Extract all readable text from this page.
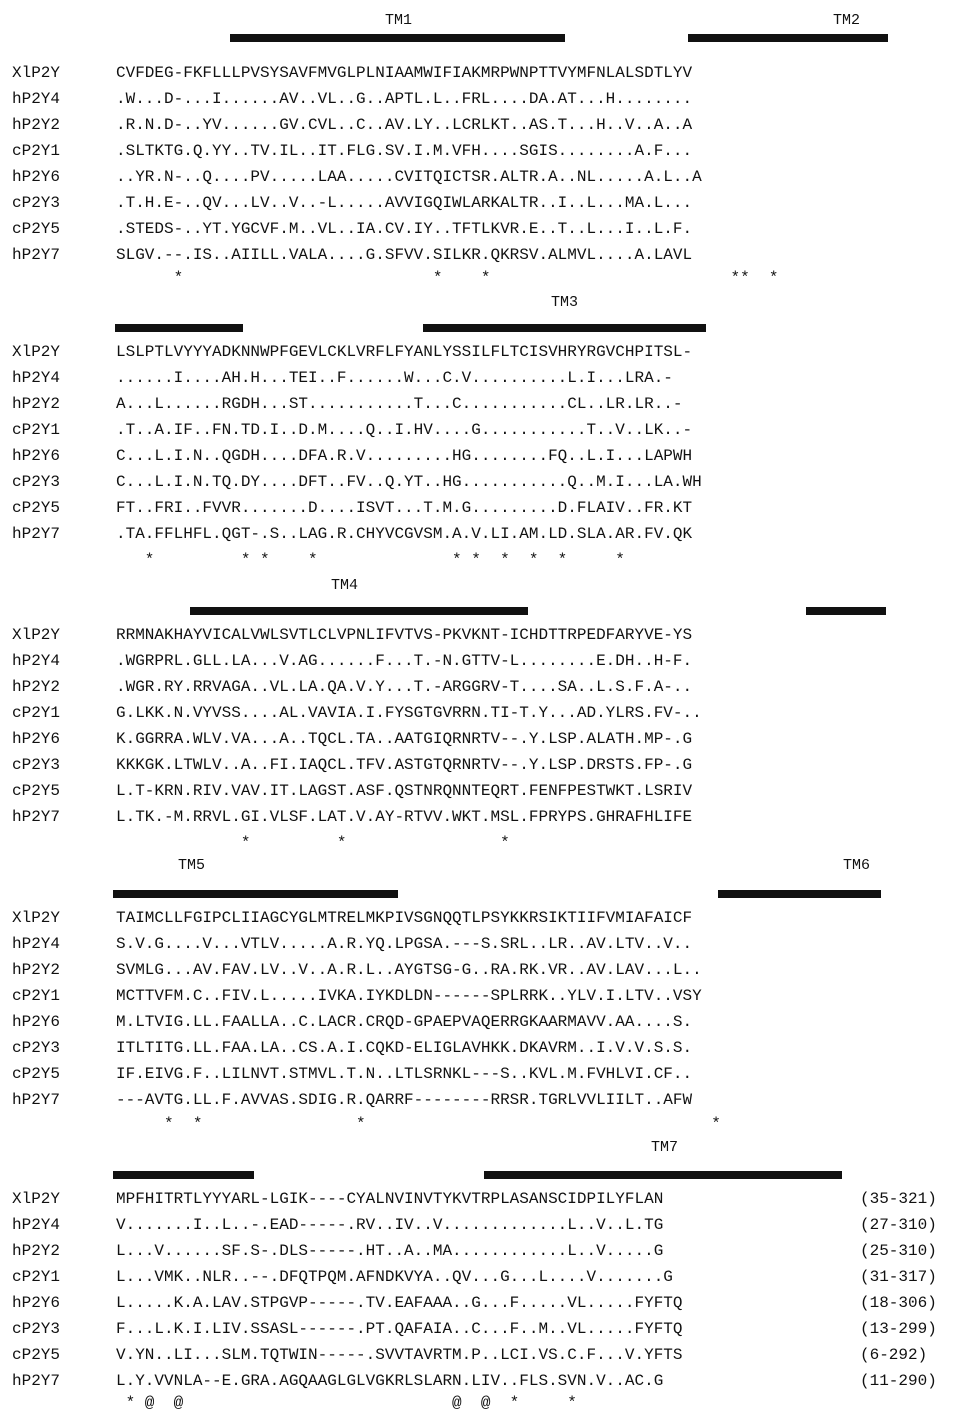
TM1	TM2
XlP2Y	CVFDEG-FKFLLLPVSYSAVFMVGLPLNIAAMWIFIAKMRPWNPTTVYMFNLALSDTLYV
hP2Y4	.W...D-...I......AV..VL..G..APTL.L..FRL....DA.AT...H........
hP2Y2	.R.N.D-..YV......GV.CVL..C..AV.LY..LCRLKT..AS.T...H..V..A..A
cP2Y1	.SLTKTG.Q.YY..TV.IL..IT.FLG.SV.I.M.VFH....SGIS........A.F...
hP2Y6	..YR.N-..Q....PV.....LAA.....CVITQICTSR.ALTR.A..NL.....A.L..A
cP2Y3	.T.H.E-..QV...LV..V..-L.....AVVIGQIWLARKALTR..I..L...MA.L...
cP2Y5	.STEDS-..YT.YGCVF.M..VL..IA.CV.IY..TFTLKVR.E..T..L...I..L.F.
hP2Y7	SLGV.--.IS..AIILL.VALA....G.SFVV.SILKR.QKRSV.ALMVL....A.LAVL
*                          *    *                         **  *
TM3
XlP2Y	LSLPTLVYYYADKNNWPFGEVLCKLVRFLFYANLYSSILFLTCISVHRYRGVCHPITSL-
hP2Y4	......I....AH.H...TEI..F......W...C.V..........L.I...LRA.-
hP2Y2	A...L......RGDH...ST...........T...C...........CL..LR.LR..-
cP2Y1	.T..A.IF..FN.TD.I..D.M....Q..I.HV....G...........T..V..LK..-
hP2Y6	C...L.I.N..QGDH....DFA.R.V.........HG........FQ..L.I...LAPWH
cP2Y3	C...L.I.N.TQ.DY....DFT..FV..Q.YT..HG...........Q..M.I...LA.WH
cP2Y5	FT..FRI..FVVR.......D....ISVT...T.M.G.........D.FLAIV..FR.KT
hP2Y7	.TA.FFLHFL.QGT-.S..LAG.R.CHYVCGVSM.A.V.LI.AM.LD.SLA.AR.FV.QK
*         * *    *              * *  *  *  *     *
TM4
XlP2Y	RRMNAKHAYVICALVWLSVTLCLVPNLIFVTVS-PKVKNT-ICHDTTRPEDFARYVE-YS
hP2Y4	.WGRPRL.GLL.LA...V.AG......F...T.-N.GTTV-L........E.DH..H-F.
hP2Y2	.WGR.RY.RRVAGA..VL.LA.QA.V.Y...T.-ARGGRV-T....SA..L.S.F.A-..
cP2Y1	G.LKK.N.VYVSS....AL.VAVIA.I.FYSGTGVRRN.TI-T.Y...AD.YLRS.FV-..
hP2Y6	K.GGRRA.WLV.VA...A..TQCL.TA..AATGIQRNRTV--.Y.LSP.ALATH.MP-.G
cP2Y3	KKKGK.LTWLV..A..FI.IAQCL.TFV.ASTGTQRNRTV--.Y.LSP.DRSTS.FP-.G
cP2Y5	L.T-KRN.RIV.VAV.IT.LAGST.ASF.QSTNRQNNTEQRT.FENFPESTWKT.LSRIV
hP2Y7	L.TK.-M.RRVL.GI.VLSF.LAT.V.AY-RTVV.WKT.MSL.FPRYPS.GHRAFHLIFE
*         *                *
TM5	TM6
XlP2Y	TAIMCLLFGIPCLIIAGCYGLMTRELMKPIVSGNQQTLPSYKKRSIKTIIFVMIAFAICF
hP2Y4	S.V.G....V...VTLV.....A.R.YQ.LPGSA.---S.SRL..LR..AV.LTV..V..
hP2Y2	SVMLG...AV.FAV.LV..V..A.R.L..AYGTSG-G..RA.RK.VR..AV.LAV...L..
cP2Y1	MCTTVFM.C..FIV.L.....IVKA.IYKDLDN------SPLRRK..YLV.I.LTV..VSY
hP2Y6	M.LTVIG.LL.FAALLA..C.LACR.CRQD-GPAEPVAQERRGKAARMAVV.AA....S.
cP2Y3	ITLTITG.LL.FAA.LA..CS.A.I.CQKD-ELIGLAVHKK.DKAVRM..I.V.V.S.S.
cP2Y5	IF.EIVG.F..LILNVT.STMVL.T.N..LTLSRNKL---S..KVL.M.FVHLVI.CF..
hP2Y7	---AVTG.LL.F.AVVAS.SDIG.R.QARRF--------RRSR.TGRLVVLIILT..AFW
*  *                *                                    *
TM7
XlP2Y	MPFHITRTLYYYARL-LGIK----CYALNVINVTYKVTRPLASANSCIDPILYFLAN	(35-321)
hP2Y4	V.......I..L..-.EAD-----.RV..IV..V.............L..V..L.TG	(27-310)
hP2Y2	L...V......SF.S-.DLS-----.HT..A..MA............L..V.....G	(25-310)
cP2Y1	L...VMK..NLR..--.DFQTPQM.AFNDKVYA..QV...G...L....V.......G	(31-317)
hP2Y6	L.....K.A.LAV.STPGVP-----.TV.EAFAAA..G...F.....VL.....FYFTQ	(18-306)
cP2Y3	F...L.K.I.LIV.SSASL------.PT.QAFAIA..C...F..M..VL.....FYFTQ	(13-299)
cP2Y5	V.YN..LI...SLM.TQTWIN-----.SVVTAVRTM.P..LCI.VS.C.F...V.YFTS	(6-292)
hP2Y7	L.Y.VVNLA--E.GRA.AGQAAGLGLVGKRLSLARN.LIV..FLS.SVN.V..AC.G	(11-290)
* @  @                            @  @  *     *
